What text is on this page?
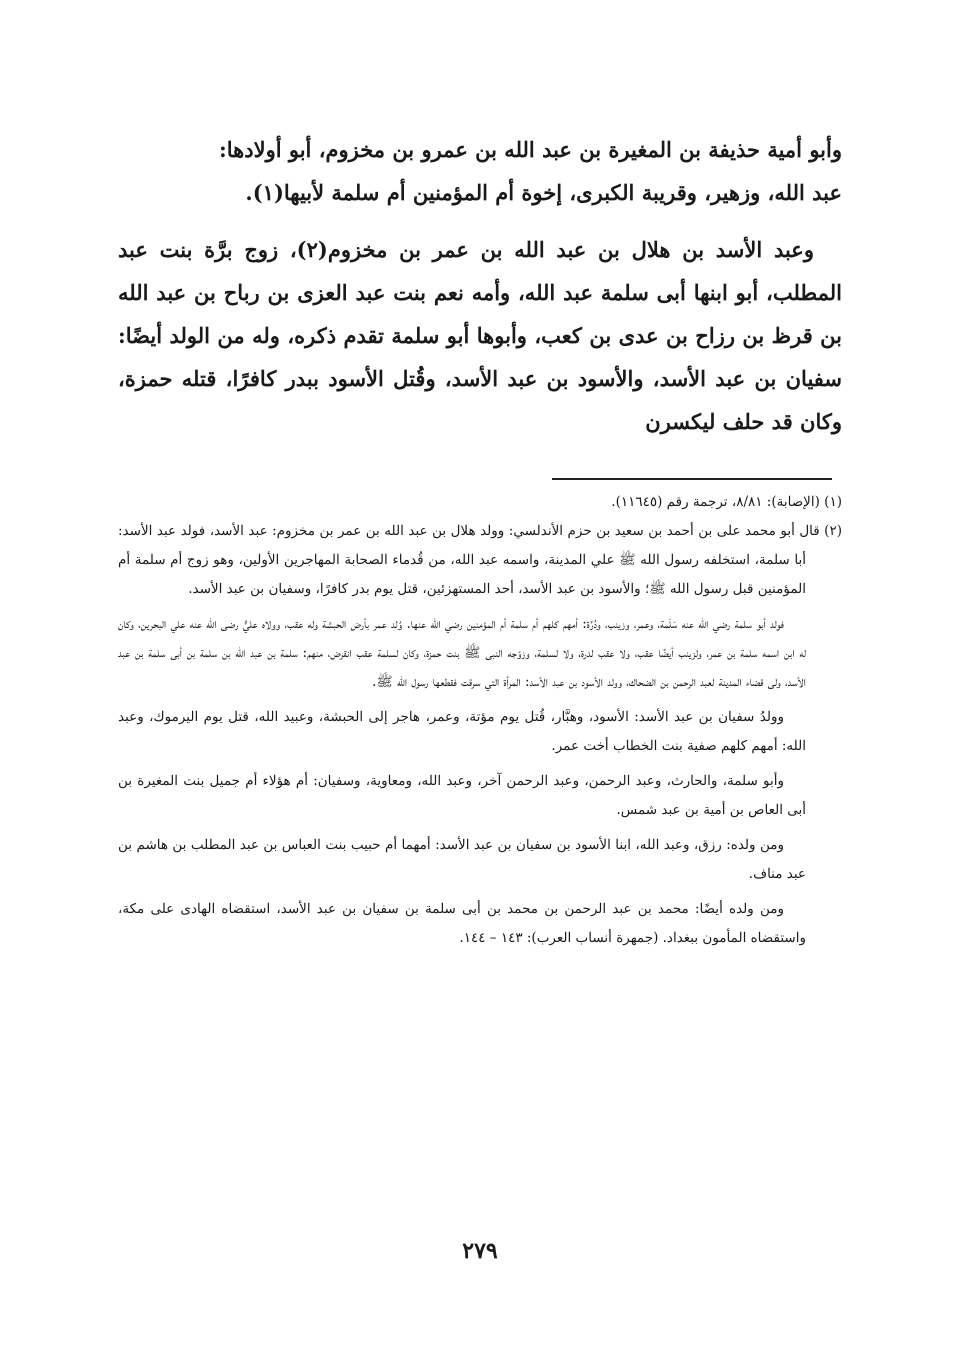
وأبو أمية حذيفة بن المغيرة بن عبد الله بن عمرو بن مخزوم، أبو أولادها:

عبد الله، وزهير، وقريبة الكبرى، إخوة أم المؤمنين أم سلمة لأبيها(١).

وعبد الأسد بن هلال بن عبد الله بن عمر بن مخزوم(٢)، زوج برَّة بنت عبد المطلب، أبو ابنها أبى سلمة عبد الله، وأمه نعم بنت عبد العزى بن رباح بن عبد الله بن قرظ بن رزاح بن عدى بن كعب، وأبوها أبو سلمة تقدم ذكره، وله من الولد أيضًا: سفيان بن عبد الأسد، والأسود بن عبد الأسد، وقُتل الأسود ببدر كافرًا، قتله حمزة، وكان قد حلف ليكسرن

(١) (الإصابة): ٨/٨١، ترجمة رقم (١١٦٤٥).

(٢) قال أبو محمد على بن أحمد بن سعيد بن حزم الأندلسي: وولد هلال بن عبد الله بن عمر بن مخزوم: عبد الأسد، فولد عبد الأسد: أبا سلمة، استخلفه رسول الله ﷺ علي المدينة، واسمه عبد الله، من قُدماء الصحابة المهاجرين الأولين، وهو زوج أم سلمة أم المؤمنين قبل رسول الله ﷺ؛ والأسود بن عبد الأسد، أحد المستهزئين، قتل يوم بدر كافرًا، وسفيان بن عبد الأسد.

فولد أبو سلمة رضي الله عنه سَلَمة، وعمر، وزينب، ودُرَّة: أمهم كلهم أم سلمة أم المؤمنين رضي الله عنها. وُلد عمر بأرض الحبشة وله عقب، وولاه عليٌّ رضى الله عنه علي البحرين، وكان له ابن اسمه سلمة بن عمر، ولزينب أيضًا عقب، ولا عقب لدرة، ولا لسلمة، وزوّجه النبى ﷺ بنت حمزة، وكان لسلمة عقب انقرض، منهم: سلمة بن عبد الله بن سلمة بن أبى سلمة بن عبد الأسد، ولى قضاء المدينة لعبد الرحمن بن الضحاك، وولد الأسود بن عبد الأسد: المرأة التي سرقت فقطعها رسول الله ﷺ.

وولدُ سفيان بن عبد الأسد: الأسود، وهبَّار، قُتل يوم مؤتة، وعمر، هاجر إلى الحبشة، وعبيد الله، قتل يوم اليرموك، وعبد الله: أمهم كلهم صفية بنت الخطاب أخت عمر.

وأبو سلمة، والحارث، وعبد الرحمن، وعبد الرحمن آخر، وعبد الله، ومعاوية، وسفيان: أم هؤلاء أم جميل بنت المغيرة بن أبى العاص بن أمية بن عبد شمس.

ومن ولده: رزق، وعبد الله، ابنا الأسود بن سفيان بن عبد الأسد: أمهما أم حبيب بنت العباس بن عبد المطلب بن هاشم بن عبد مناف.

ومن ولده أيضًا: محمد بن عبد الرحمن بن محمد بن أبى سلمة بن سفيان بن عبد الأسد، استقضاه الهادى على مكة، واستقضاه المأمون ببغداد. (جمهرة أنساب العرب): ١٤٣ – ١٤٤.

٢٧٩
